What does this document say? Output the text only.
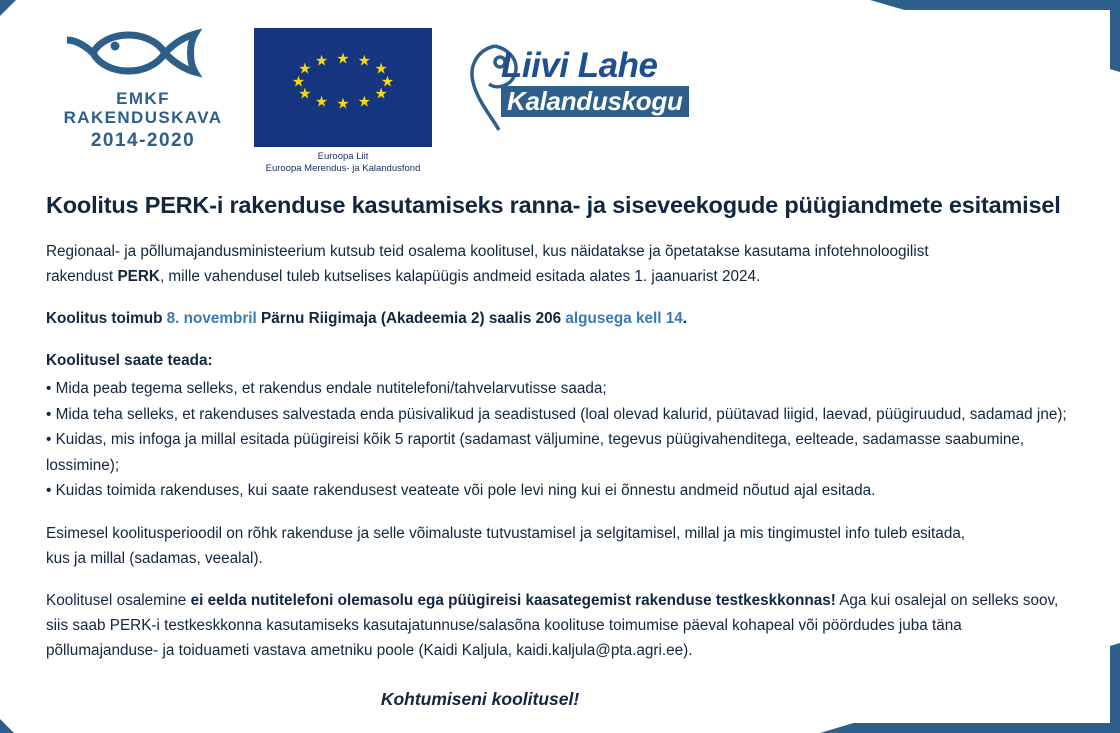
EMKF
RAKENDUSKAVA
2014-2020
★ ★ ★
★
★
★
★
★
★
★
★ ★
Euroopa Liit
Euroopa Merendus- ja Kalandusfond
Liivi Lahe
Kalanduskogu
Koolitus PERK-i rakenduse kasutamiseks ranna- ja siseveekogude püügiandmete esitamisel

Regionaal- ja põllumajandusministeerium kutsub teid osalema koolitusel, kus näidatakse ja õpetatakse kasutama infotehnoloogilist
rakendust PERK, mille vahendusel tuleb kutselises kalapüügis andmeid esitada alates 1. jaanuarist 2024.

Koolitus toimub 8. novembril Pärnu Riigimaja (Akadeemia 2) saalis 206 algusega kell 14.

Koolitusel saate teada:

• Mida peab tegema selleks, et rakendus endale nutitelefoni/tahvelarvutisse saada;

• Mida teha selleks, et rakenduses salvestada enda püsivalikud ja seadistused (loal olevad kalurid, püütavad liigid, laevad, püügiruudud, sadamad jne);

• Kuidas, mis infoga ja millal esitada püügireisi kõik 5 raportit (sadamast väljumine, tegevus püügivahenditega, eelteade, sadamasse saabumine, lossimine);

• Kuidas toimida rakenduses, kui saate rakendusest veateate või pole levi ning kui ei õnnestu andmeid nõutud ajal esitada.

Esimesel koolitusperioodil on rõhk rakenduse ja selle võimaluste tutvustamisel ja selgitamisel, millal ja mis tingimustel info tuleb esitada,
kus ja millal (sadamas, veealal).

Koolitusel osalemine ei eelda nutitelefoni olemasolu ega püügireisi kaasategemist rakenduse testkeskkonnas! Aga kui osalejal on selleks soov,
siis saab PERK-i testkeskkonna kasutamiseks kasutajatunnuse/salasõna koolituse toimumise päeval kohapeal või pöördudes juba täna
põllumajanduse- ja toiduameti vastava ametniku poole (Kaidi Kaljula, kaidi.kaljula@pta.agri.ee).

Kohtumiseni koolitusel!
